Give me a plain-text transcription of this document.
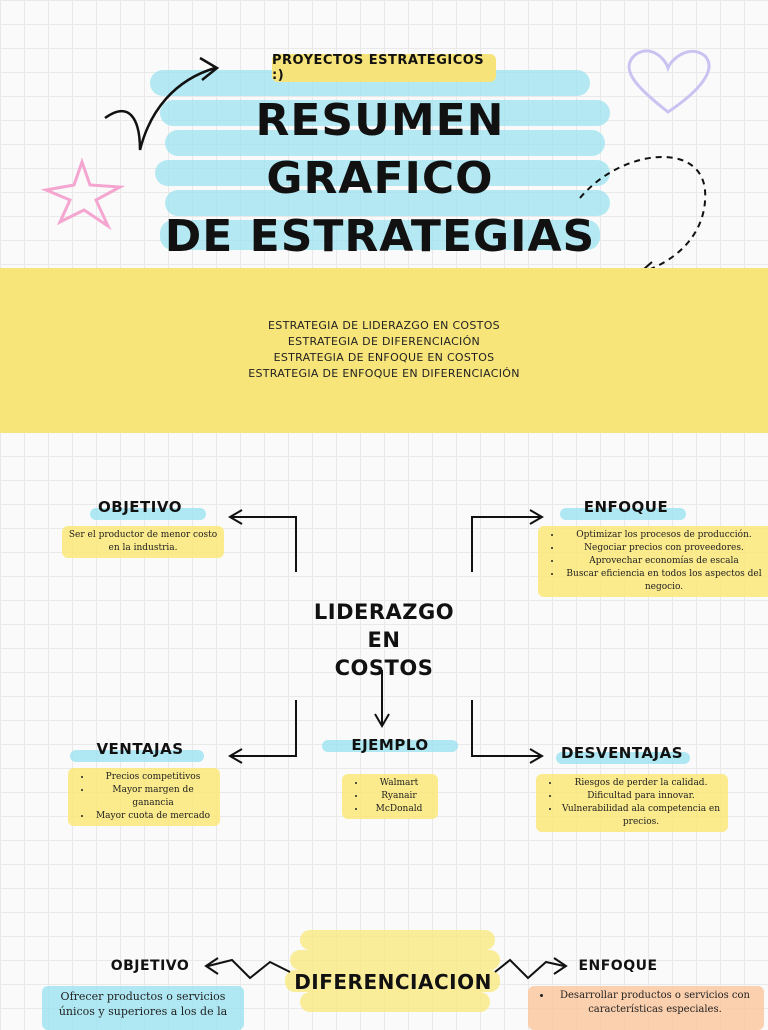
PROYECTOS ESTRATEGICOS :)
RESUMEN GRAFICO
DE ESTRATEGIAS
ESTRATEGIA DE LIDERAZGO EN COSTOS
ESTRATEGIA DE DIFERENCIACIÓN
ESTRATEGIA DE ENFOQUE EN COSTOS
ESTRATEGIA DE ENFOQUE EN DIFERENCIACIÓN
OBJETIVO
Ser el productor de menor costo en la industria.
ENFOQUE
• Optimizar los procesos de producción.
• Negociar precios con proveedores.
• Aprovechar economías de escala
• Buscar eficiencia en todos los aspectos del negocio.
LIDERAZGO EN
COSTOS
VENTAJAS
• Precios competitivos
• Mayor margen de ganancia
• Mayor cuota de mercado
EJEMPLO
• Walmart
• Ryanair
• McDonald
DESVENTAJAS
• Riesgos de perder la calidad.
• Dificultad para innovar.
• Vulnerabilidad ala competencia en precios.
DIFERENCIACION
OBJETIVO
Ofrecer productos o servicios únicos y superiores a los de la
ENFOQUE
• Desarrollar productos o servicios con características especiales.
